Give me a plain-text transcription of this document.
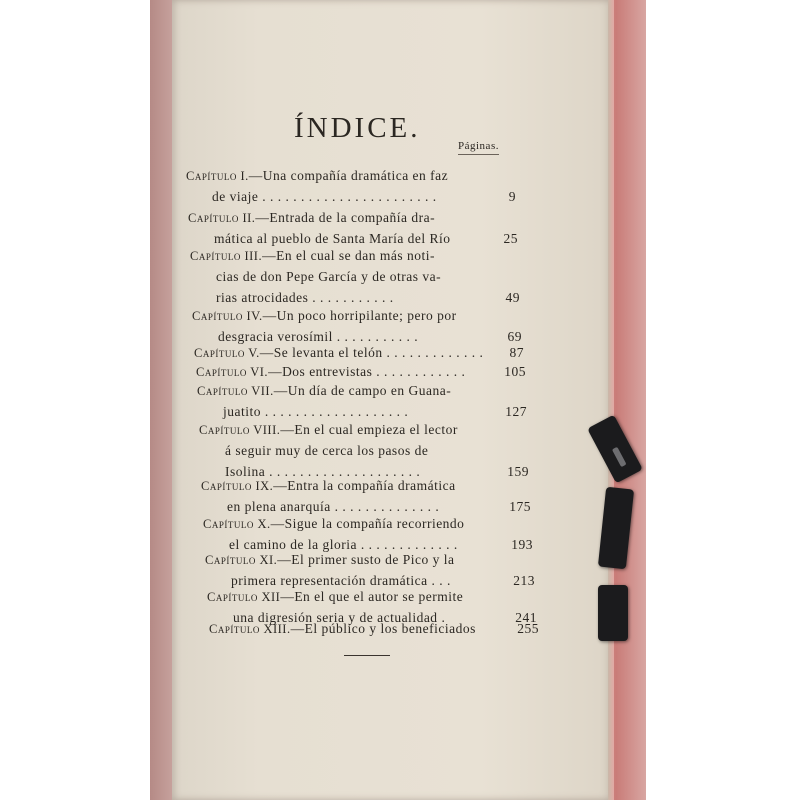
ÍNDICE.
Páginas.
Capítulo I.—Una compañía dramática en faz
de viaje . . . . . . . . . . . . . . . . . . . . . . .	9
Capítulo II.—Entrada de la compañía dra-
mática al pueblo de Santa María del Río	25
Capítulo III.—En el cual se dan más noti-
cias de don Pepe García y de otras va-
rias atrocidades . . . . . . . . . . .	49
Capítulo IV.—Un poco horripilante; pero por
desgracia verosímil . . . . . . . . . . .	69
Capítulo V.—Se levanta el telón . . . . . . . . . . . . . 87
Capítulo VI.—Dos entrevistas . . . . . . . . . . . .	105
Capítulo VII.—Un día de campo en Guana-
juatito . . . . . . . . . . . . . . . . . . .	127
Capítulo VIII.—En el cual empieza el lector
á seguir muy de cerca los pasos de
Isolina . . . . . . . . . . . . . . . . . . . .	159
Capítulo IX.—Entra la compañía dramática
en plena anarquía . . . . . . . . . . . . . .	175
Capítulo X.—Sigue la compañía recorriendo
el camino de la gloria . . . . . . . . . . . . .	193
Capítulo XI.—El primer susto de Pico y la
primera representación dramática . . .	213
Capítulo XII—En el que el autor se permite
una digresión seria y de actualidad .	241
Capítulo XIII.—El público y los beneficiados	255
